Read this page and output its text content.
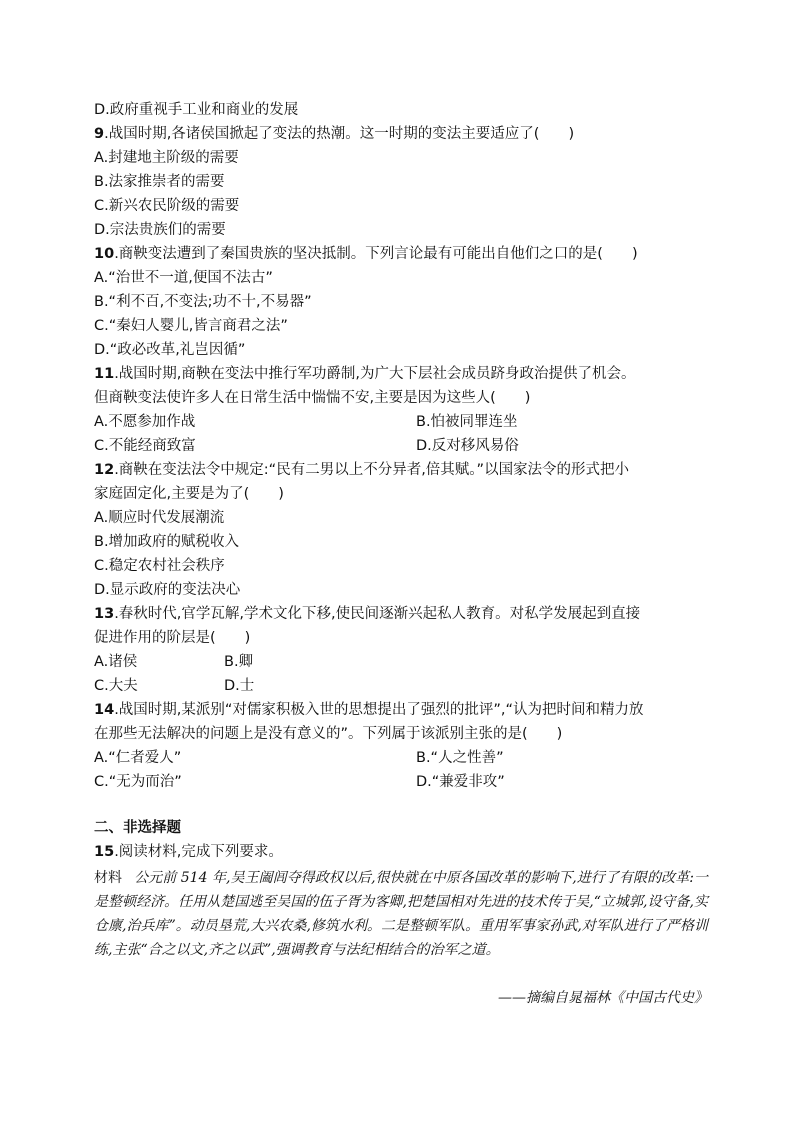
D.政府重视手工业和商业的发展
9.战国时期,各诸侯国掀起了变法的热潮。这一时期的变法主要适应了(　　)
A.封建地主阶级的需要
B.法家推崇者的需要
C.新兴农民阶级的需要
D.宗法贵族们的需要
10.商鞅变法遭到了秦国贵族的坚决抵制。下列言论最有可能出自他们之口的是(　　)
A.“治世不一道,便国不法古”
B.“利不百,不变法;功不十,不易器”
C.“秦妇人婴儿,皆言商君之法”
D.“政必改革,礼岂因循”
11.战国时期,商鞅在变法中推行军功爵制,为广大下层社会成员跻身政治提供了机会。
但商鞅变法使许多人在日常生活中惴惴不安,主要是因为这些人(　　)
A.不愿参加作战	B.怕被同罪连坐
C.不能经商致富	D.反对移风易俗
12.商鞅在变法法令中规定:“民有二男以上不分异者,倍其赋。”以国家法令的形式把小
家庭固定化,主要是为了(　　)
A.顺应时代发展潮流
B.增加政府的赋税收入
C.稳定农村社会秩序
D.显示政府的变法决心
13.春秋时代,官学瓦解,学术文化下移,使民间逐渐兴起私人教育。对私学发展起到直接
促进作用的阶层是(　　)
A.诸侯	B.卿
C.大夫	D.士
14.战国时期,某派别“对儒家积极入世的思想提出了强烈的批评”,“认为把时间和精力放
在那些无法解决的问题上是没有意义的”。下列属于该派别主张的是(　　)
A.“仁者爱人”	B.“人之性善”
C.“无为而治”	D.“兼爱非攻”
二、非选择题
15.阅读材料,完成下列要求。
材料 公元前 514 年,吴王阖闾夺得政权以后,很快就在中原各国改革的影响下,进行了有限的改革:一是整顿经济。任用从楚国逃至吴国的伍子胥为客卿,把楚国相对先进的技术传于吴,“立城郭,设守备,实仓廪,治兵库”。动员垦荒,大兴农桑,修筑水利。二是整顿军队。重用军事家孙武,对军队进行了严格训练,主张“合之以文,齐之以武”,强调教育与法纪相结合的治军之道。
——摘编自晁福林《中国古代史》
